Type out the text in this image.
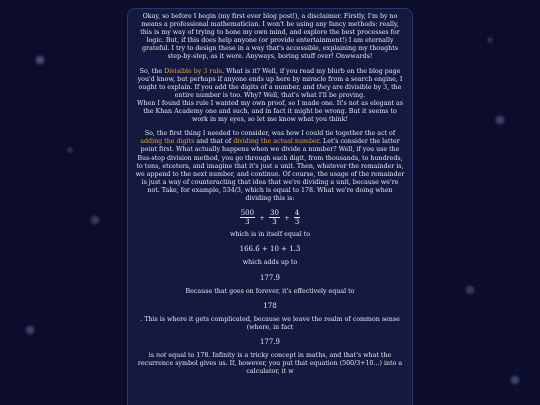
Okay, so before I begin (my first ever blog post!), a disclaimer. Firstly, I'm by no means a professional mathematician. I won't be using any fancy methods: really, this is my way of trying to hone my own mind, and explore the best processes for logic. But, if this does help anyone (or provide entertainment!) I am eternally grateful. I try to design these in a way that's accessible, explaining my thoughts step-by-step, as it were. Anyways, boring stuff over! Onwwards!

So, the Divisible by 3 rule. What is it? Well, if you read my blurb on the blog page you'd know, but perhaps if anyone ends up here by miracle from a search engine, I ought to explain. If you add the digits of a number, and they are divisible by 3, the entire number is too. Why? Well, that's what I'll be proving.
When I found this rule I wanted my own proof, so I made one. It's not as elegant as the Khan Academy one and such, and in fact it might be wrong. But it seems to work in my eyes, so let me know what you think!

So, the first thing I needed to consider, was how I could tie together the act of adding the digits and that of dividing the actual number. Let's consider the latter point first. What actually happens when we divide a number? Well, if you use the Bus-stop division method, you go through each digit, from thousands, to hundreds, to tens, etcetera, and imagine that it's just a unit. Then, whatever the remainder is, we append to the next number, and continue. Of course, the usage of the remainder is just a way of counteracting that idea that we're dividing a unit, because we're not. Take, for example, 534/3, which is equal to 178. What we're doing when dividing this is:

$\frac{500}{3} + \frac{30}{3} + \frac{4}{3}$
which is in itself equal to
166.6̇ + 10 + 1.3̇
which adds up to
177.9̇
Because that goes on forever, it's effectively equal to
178
. This is where it gets complicated, because we leave the realm of common sense (where, in fact
177.9̇
is not equal to 178. Infinity is a tricky concept in maths, and that's what the recurrence symbol gives us. If, however, you put that equation (500/3+10...) into a calculator, it w
